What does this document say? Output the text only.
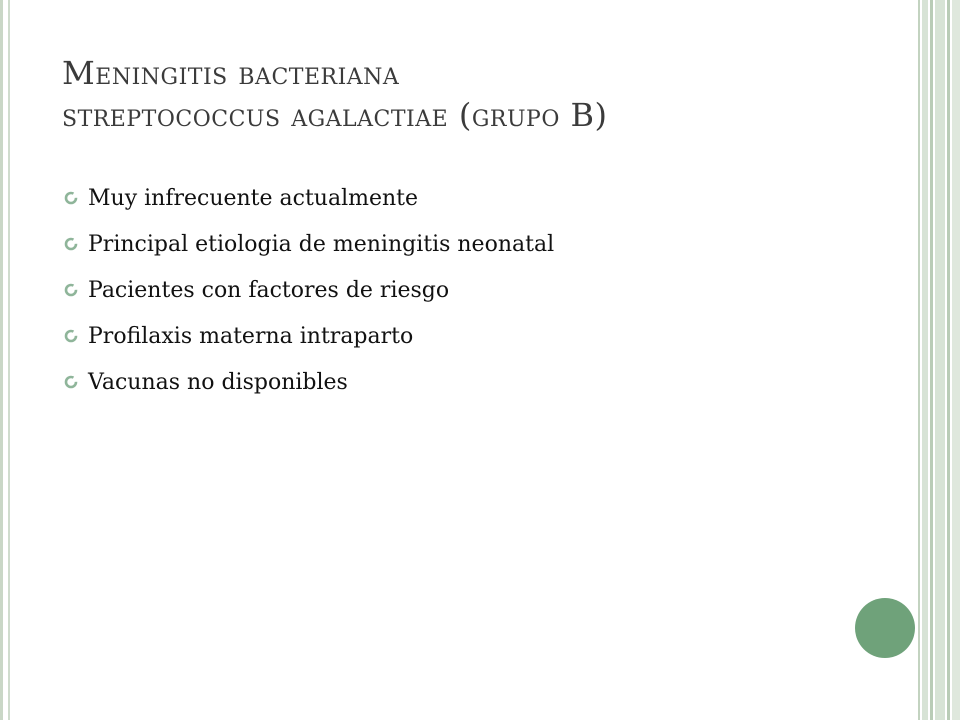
Meningitis bacteriana
streptococcus agalactiae (grupo B)
Muy infrecuente actualmente
Principal etiologia de meningitis neonatal
Pacientes con factores de riesgo
Profilaxis materna intraparto
Vacunas no disponibles
